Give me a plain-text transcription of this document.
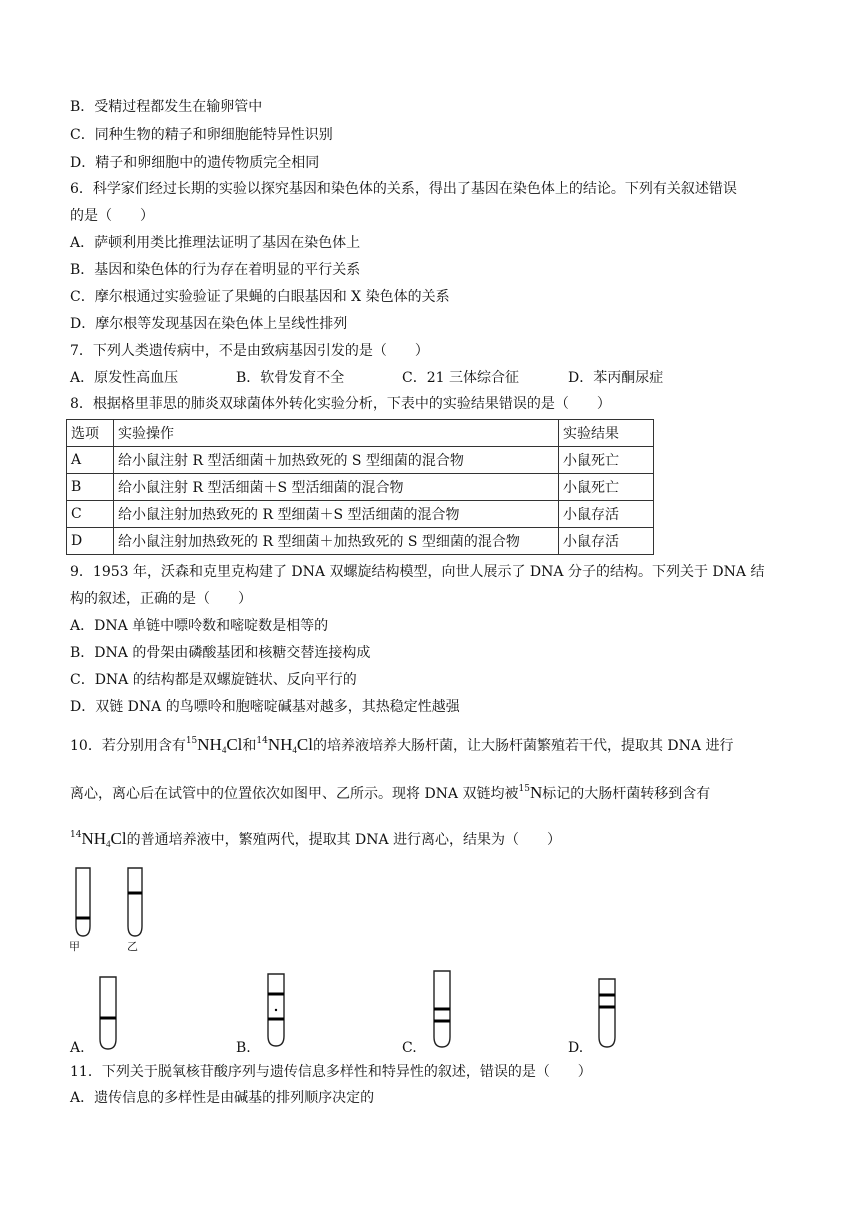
B．受精过程都发生在输卵管中
C．同种生物的精子和卵细胞能特异性识别
D．精子和卵细胞中的遗传物质完全相同
6．科学家们经过长期的实验以探究基因和染色体的关系，得出了基因在染色体上的结论。下列有关叙述错误
的是（　　）
A．萨顿利用类比推理法证明了基因在染色体上
B．基因和染色体的行为存在着明显的平行关系
C．摩尔根通过实验验证了果蝇的白眼基因和 X 染色体的关系
D．摩尔根等发现基因在染色体上呈线性排列
7．下列人类遗传病中，不是由致病基因引发的是（　　）
A．原发性高血压	B．软骨发育不全	C．21 三体综合征	D．苯丙酮尿症
8．根据格里菲思的肺炎双球菌体外转化实验分析，下表中的实验结果错误的是（　　）
选项	实验操作	实验结果
A	给小鼠注射 R 型活细菌＋加热致死的 S 型细菌的混合物	小鼠死亡
B	给小鼠注射 R 型活细菌＋S 型活细菌的混合物	小鼠死亡
C	给小鼠注射加热致死的 R 型细菌＋S 型活细菌的混合物	小鼠存活
D	给小鼠注射加热致死的 R 型细菌＋加热致死的 S 型细菌的混合物	小鼠存活
9．1953 年，沃森和克里克构建了 DNA 双螺旋结构模型，向世人展示了 DNA 分子的结构。下列关于 DNA 结
构的叙述，正确的是（　　）
A．DNA 单链中嘌呤数和嘧啶数是相等的
B．DNA 的骨架由磷酸基团和核糖交替连接构成
C．DNA 的结构都是双螺旋链状、反向平行的
D．双链 DNA 的鸟嘌呤和胞嘧啶碱基对越多，其热稳定性越强
10．若分别用含有$^{15}NH_4Cl$和$^{14}NH_4Cl$的培养液培养大肠杆菌，让大肠杆菌繁殖若干代，提取其 DNA 进行
离心，离心后在试管中的位置依次如图甲、乙所示。现将 DNA 双链均被$^{15}$N标记的大肠杆菌转移到含有
$^{14}NH_4Cl$的普通培养液中，繁殖两代，提取其 DNA 进行离心，结果为（　　）
甲	乙
A.	B.	C.	D.
11．下列关于脱氧核苷酸序列与遗传信息多样性和特异性的叙述，错误的是（　　）
A．遗传信息的多样性是由碱基的排列顺序决定的
